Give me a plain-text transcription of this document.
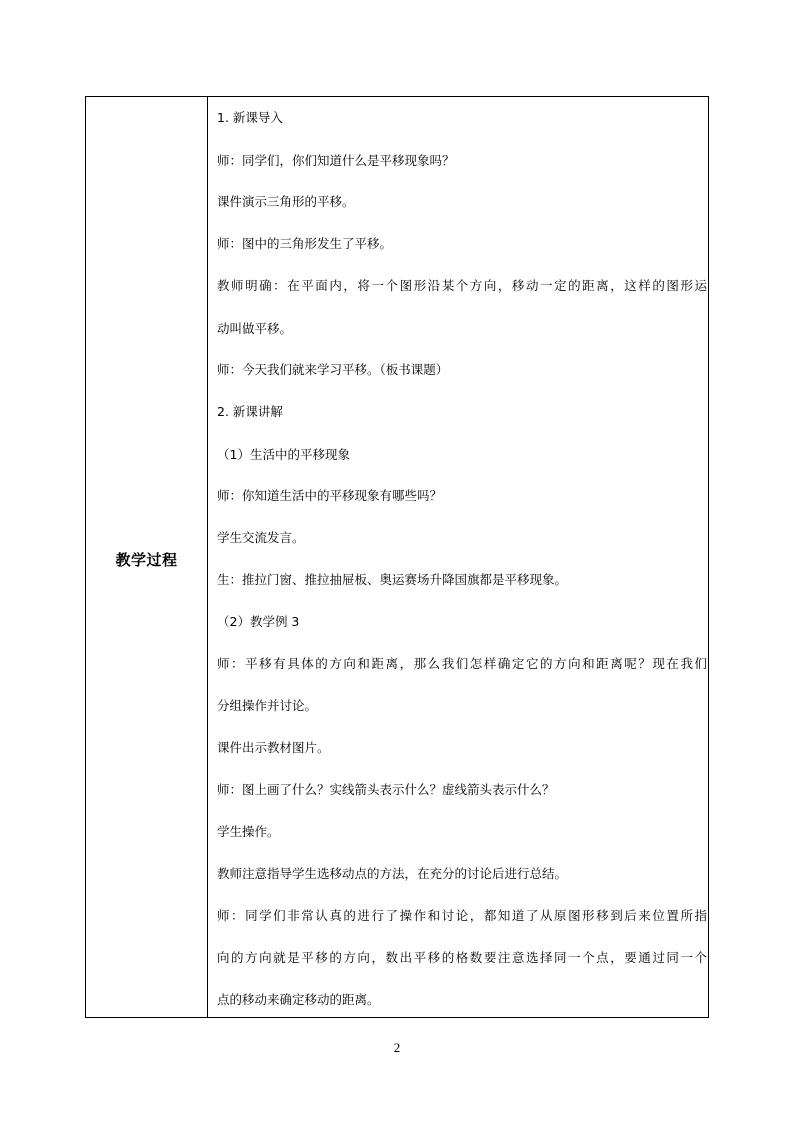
教学过程
1. 新课导入
师：同学们，你们知道什么是平移现象吗？
课件演示三角形的平移。
师：图中的三角形发生了平移。
教师明确：在平面内，将一个图形沿某个方向，移动一定的距离，这样的图形运
动叫做平移。
师：今天我们就来学习平移。（板书课题）
2. 新课讲解
（1）生活中的平移现象
师：你知道生活中的平移现象有哪些吗？
学生交流发言。
生：推拉门窗、推拉抽屉板、奥运赛场升降国旗都是平移现象。
（2）教学例 3
师：平移有具体的方向和距离，那么我们怎样确定它的方向和距离呢？现在我们
分组操作并讨论。
课件出示教材图片。
师：图上画了什么？实线箭头表示什么？虚线箭头表示什么？
学生操作。
教师注意指导学生选移动点的方法，在充分的讨论后进行总结。
师：同学们非常认真的进行了操作和讨论，都知道了从原图形移到后来位置所指
向的方向就是平移的方向，数出平移的格数要注意选择同一个点，要通过同一个
点的移动来确定移动的距离。
2
